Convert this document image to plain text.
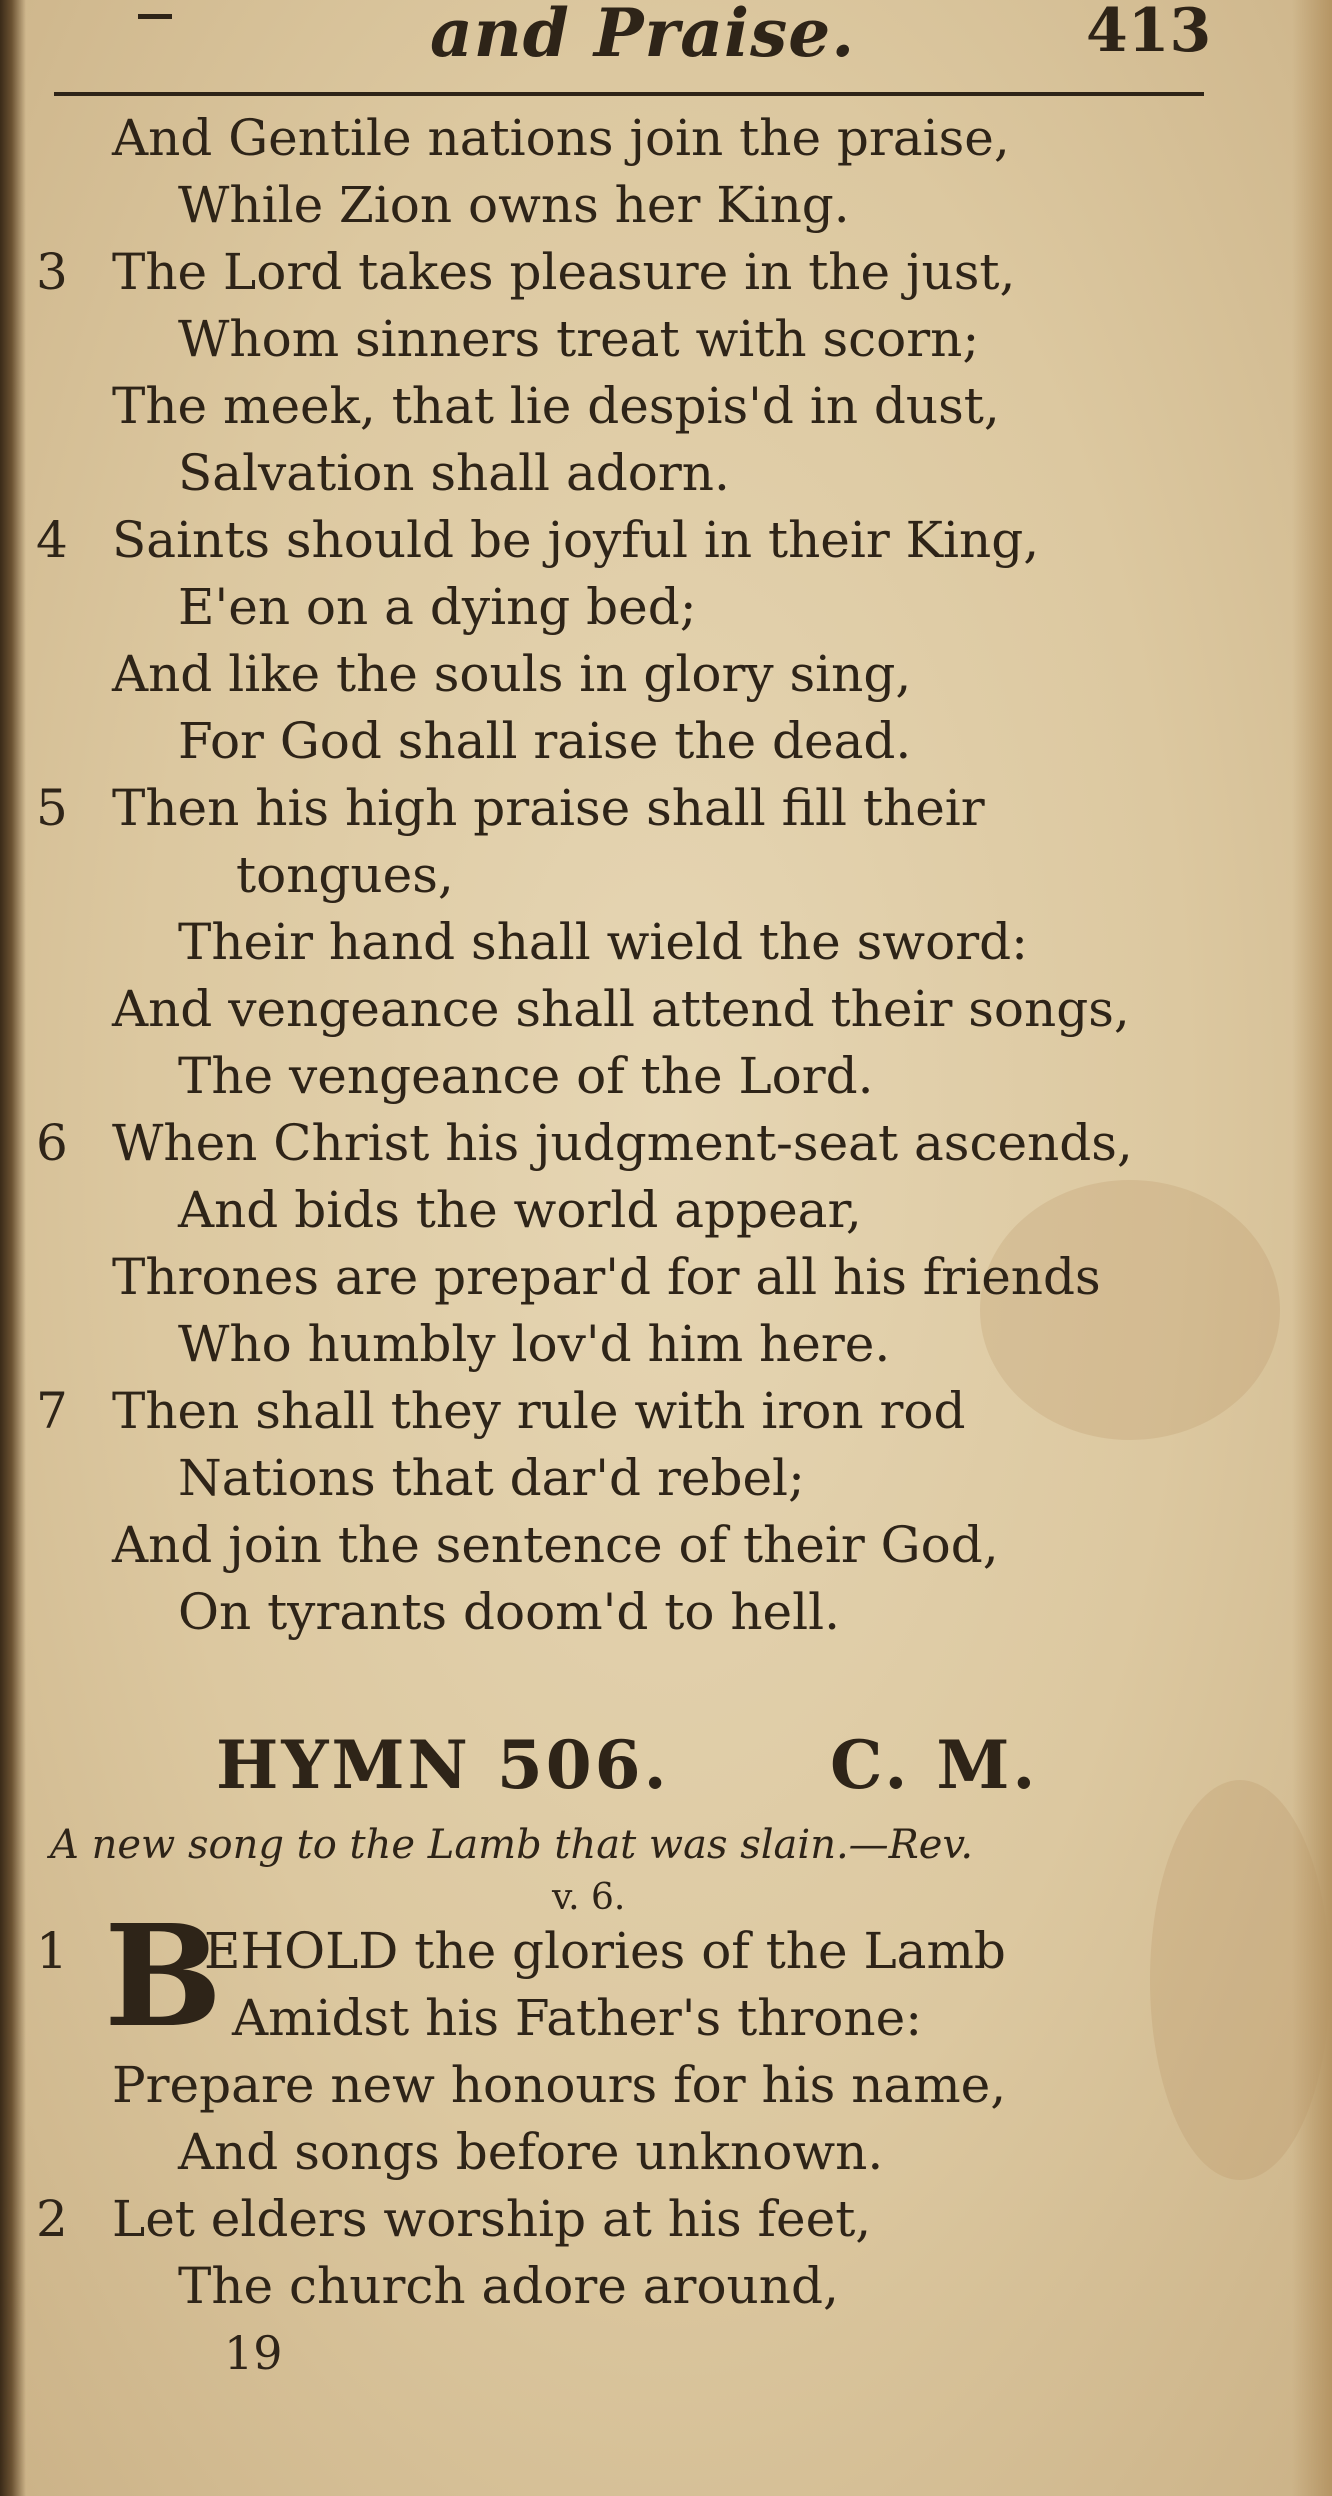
and Praise.	413
And Gentile nations join the praise,
While Zion owns her King.
3 The Lord takes pleasure in the just,
Whom sinners treat with scorn;
The meek, that lie despis'd in dust,
Salvation shall adorn.
4 Saints should be joyful in their King,
E'en on a dying bed;
And like the souls in glory sing,
For God shall raise the dead.
5 Then his high praise shall fill their
tongues,
Their hand shall wield the sword:
And vengeance shall attend their songs,
The vengeance of the Lord.
6 When Christ his judgment-seat ascends,
And bids the world appear,
Thrones are prepar'd for all his friends
Who humbly lov'd him here.
7 Then shall they rule with iron rod
Nations that dar'd rebel;
And join the sentence of their God,
On tyrants doom'd to hell.
HYMN 506. C. M.
A new song to the Lamb that was slain.—Rev.
v. 6.
1 B
EHOLD the glories of the Lamb
Amidst his Father's throne:
Prepare new honours for his name,
And songs before unknown.
2 Let elders worship at his feet,
The church adore around,
19
